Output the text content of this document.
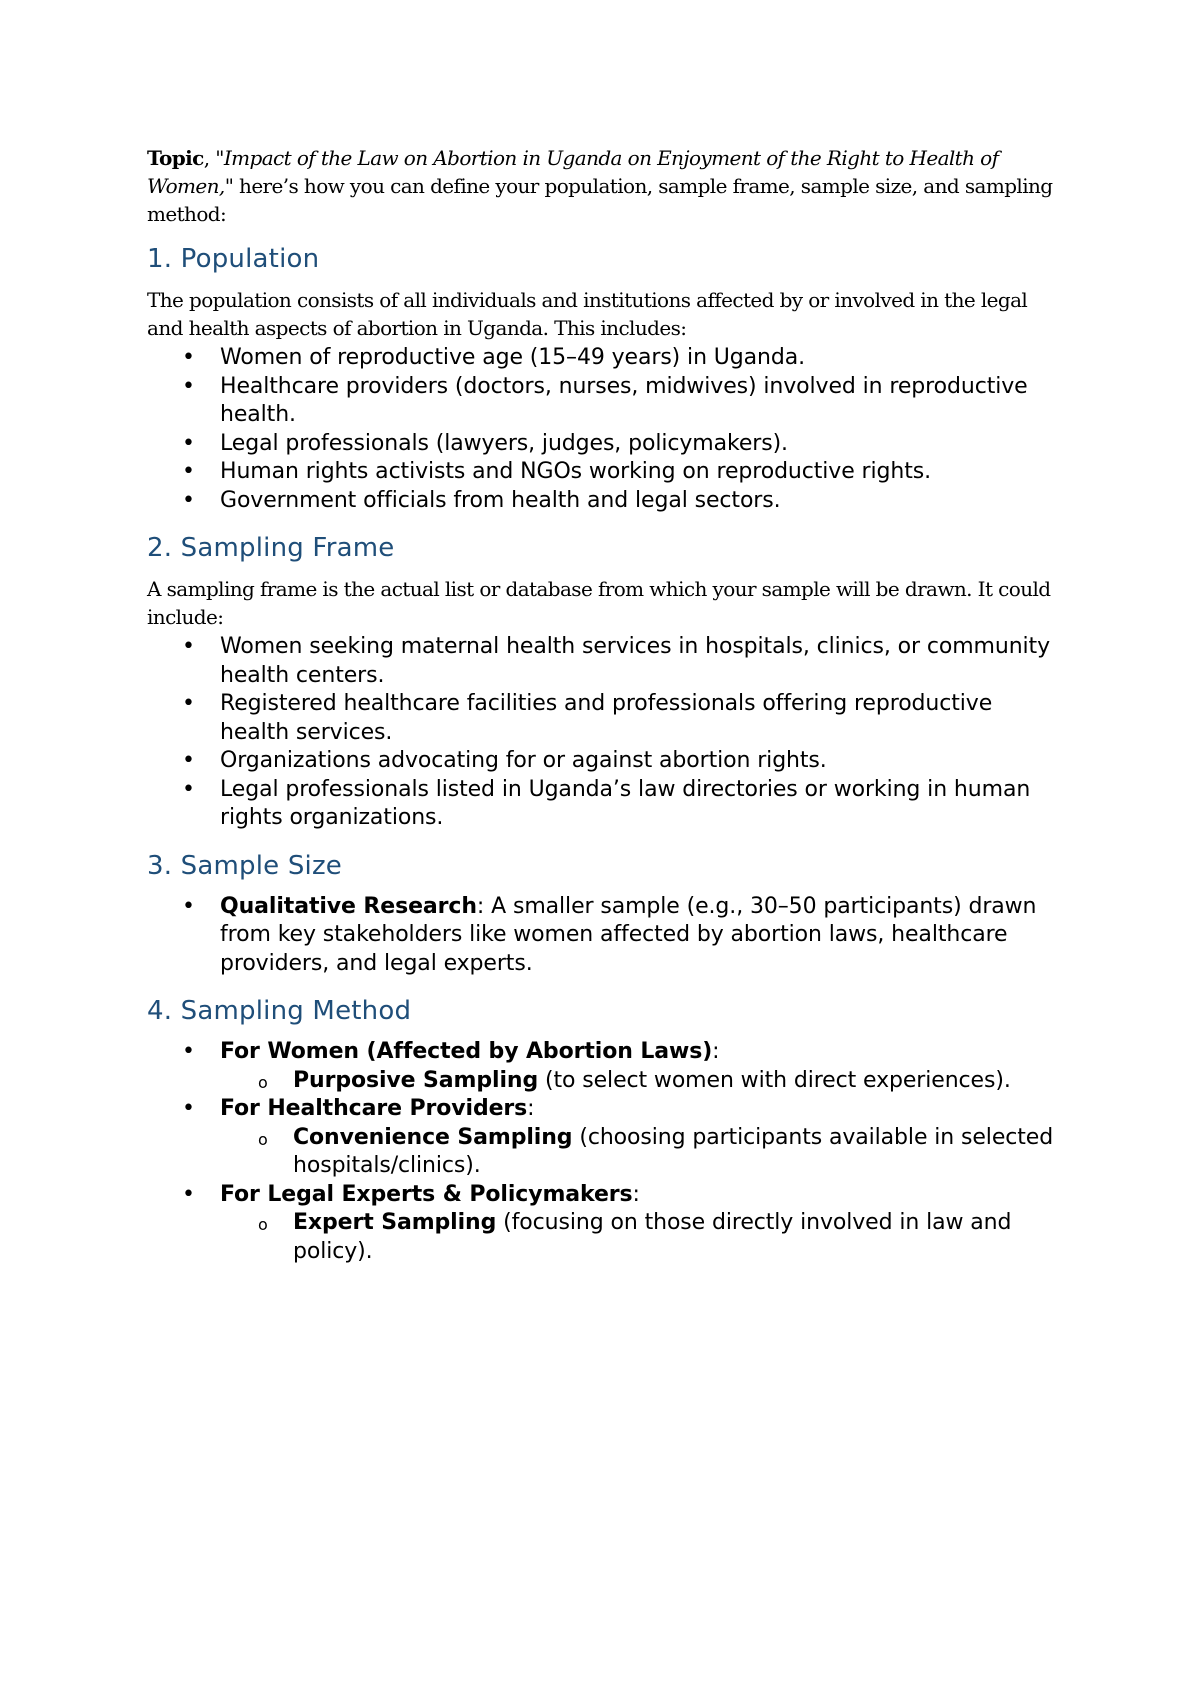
Topic, "Impact of the Law on Abortion in Uganda on Enjoyment of the Right to Health of Women," here’s how you can define your population, sample frame, sample size, and sampling method:

1. Population

The population consists of all individuals and institutions affected by or involved in the legal and health aspects of abortion in Uganda. This includes:

• Women of reproductive age (15–49 years) in Uganda.
• Healthcare providers (doctors, nurses, midwives) involved in reproductive health.
• Legal professionals (lawyers, judges, policymakers).
• Human rights activists and NGOs working on reproductive rights.
• Government officials from health and legal sectors.
2. Sampling Frame

A sampling frame is the actual list or database from which your sample will be drawn. It could include:

• Women seeking maternal health services in hospitals, clinics, or community health centers.
• Registered healthcare facilities and professionals offering reproductive health services.
• Organizations advocating for or against abortion rights.
• Legal professionals listed in Uganda’s law directories or working in human rights organizations.
3. Sample Size
• Qualitative Research: A smaller sample (e.g., 30–50 participants) drawn from key stakeholders like women affected by abortion laws, healthcare providers, and legal experts.
4. Sampling Method
• For Women (Affected by Abortion Laws):
o Purposive Sampling (to select women with direct experiences).
• For Healthcare Providers:
o Convenience Sampling (choosing participants available in selected hospitals/clinics).
• For Legal Experts & Policymakers:
o Expert Sampling (focusing on those directly involved in law and policy).
